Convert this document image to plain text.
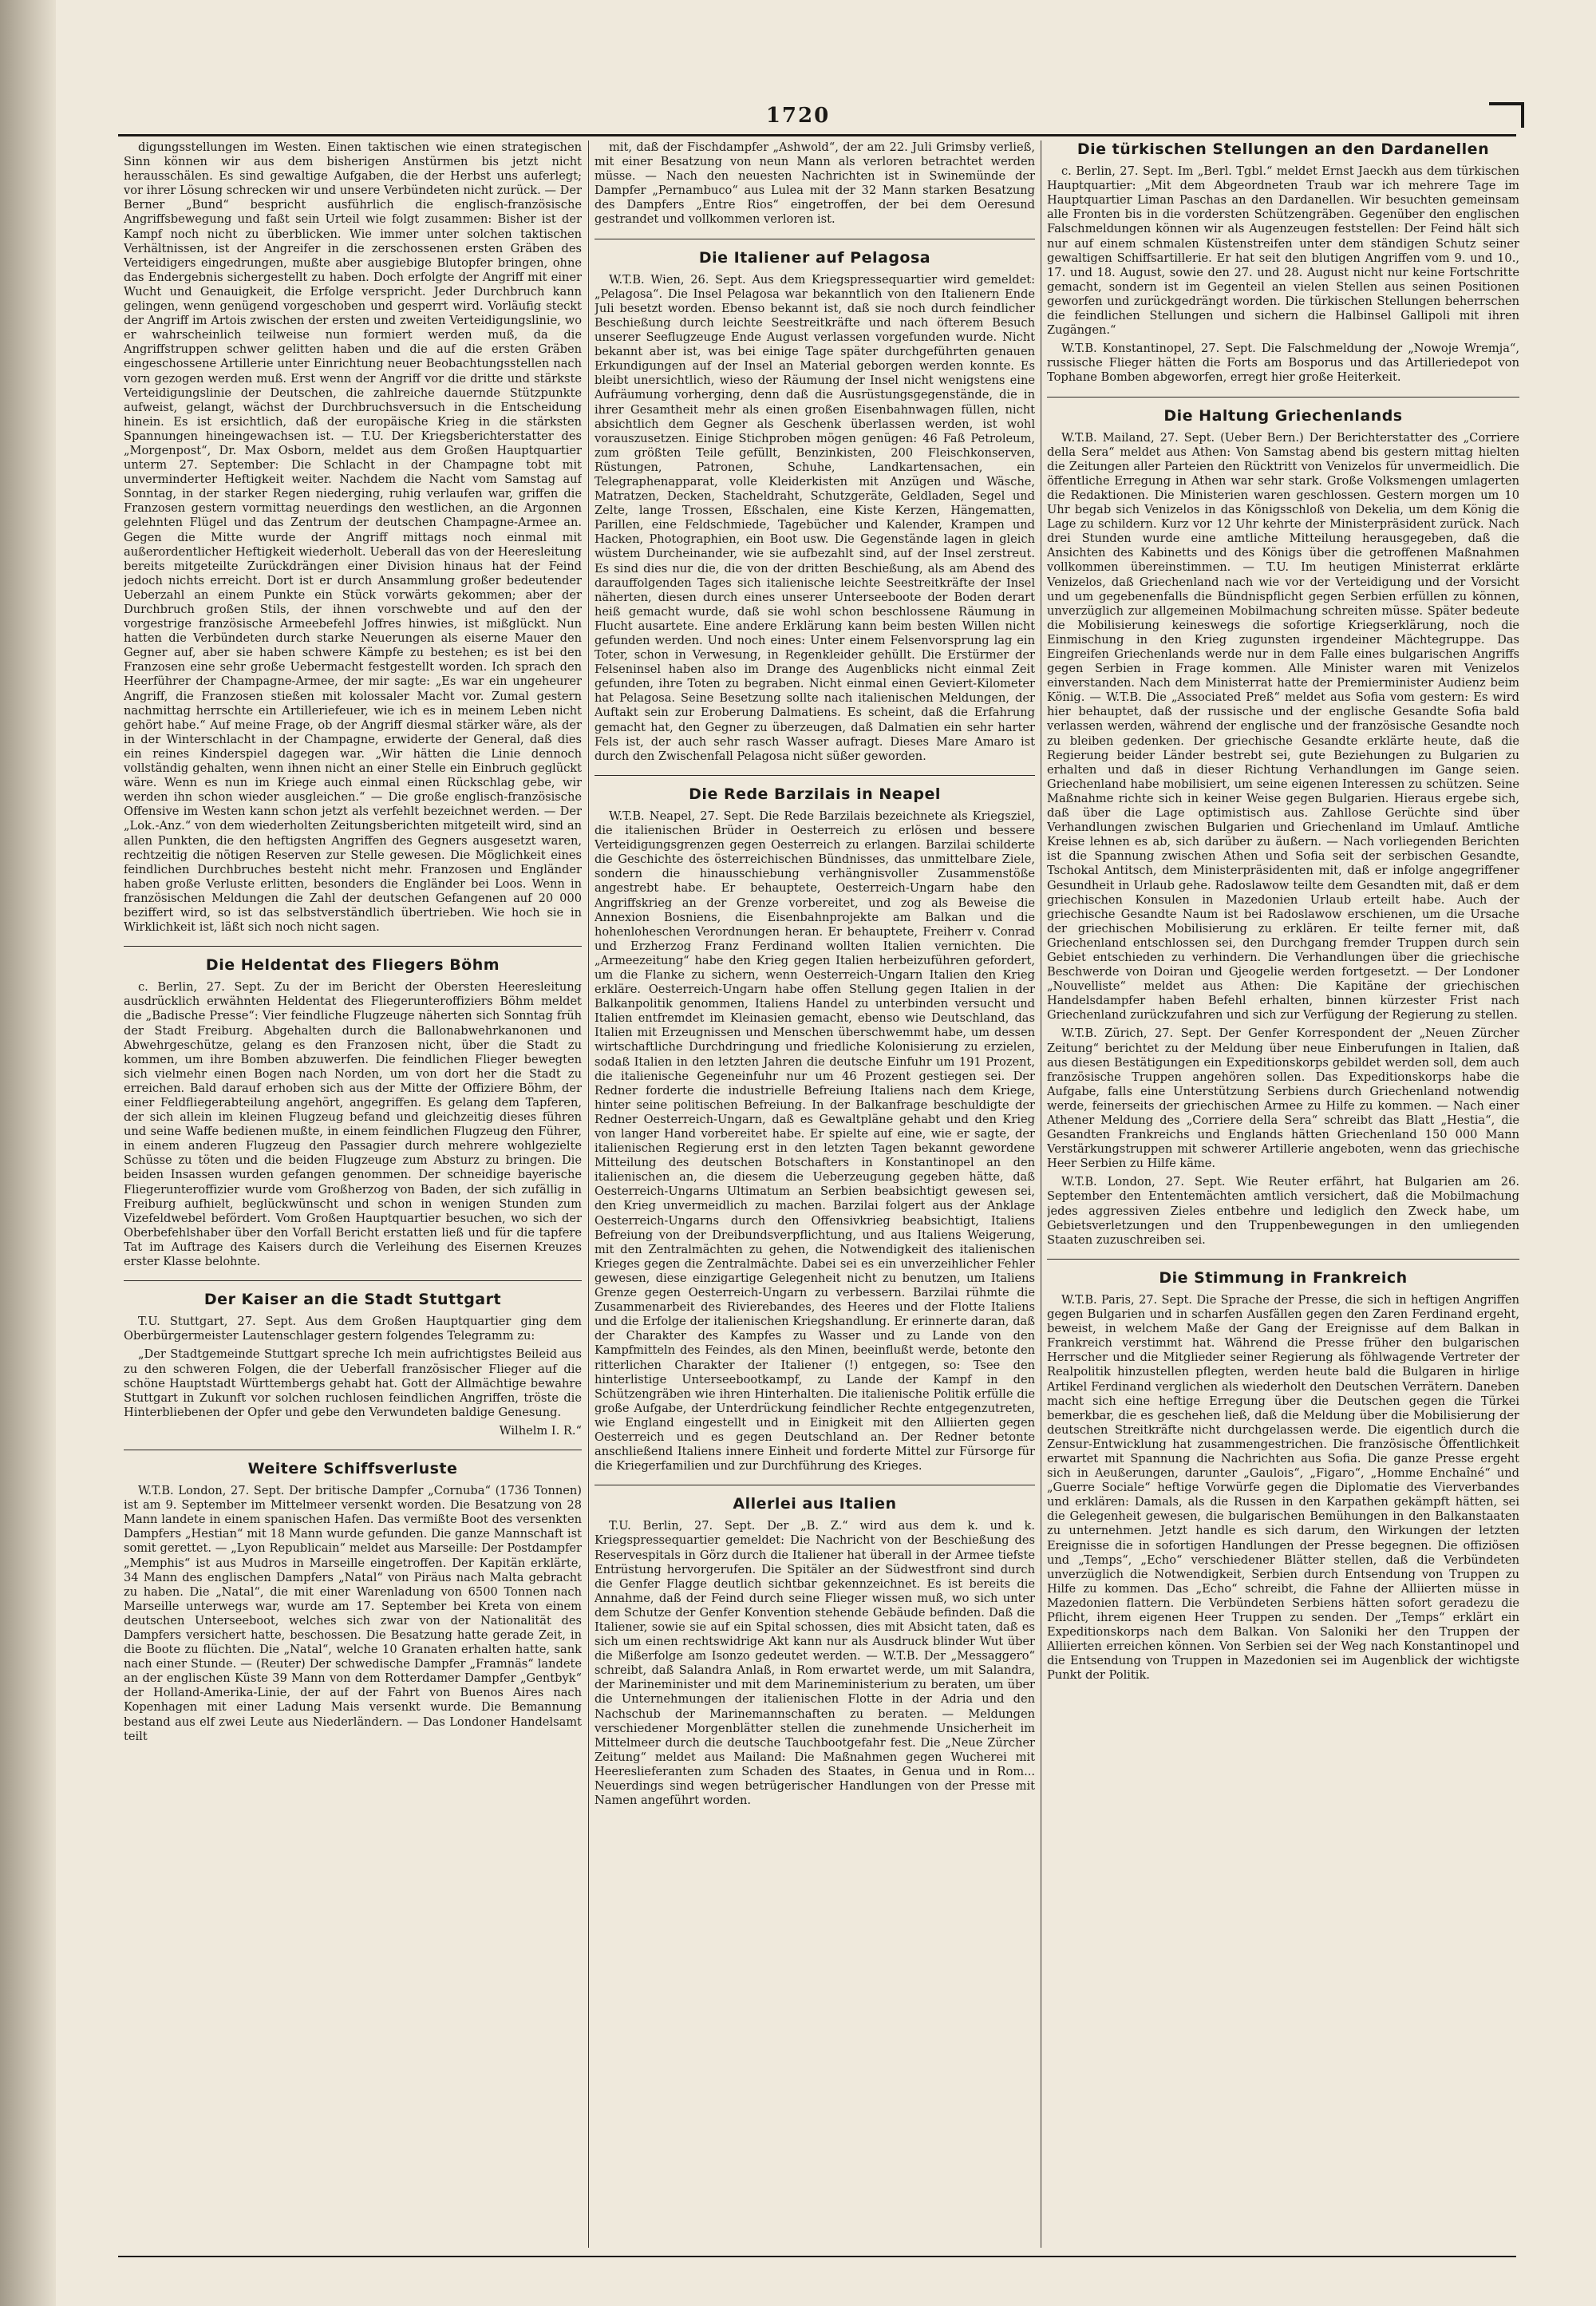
1720

digungsstellungen im Westen. Einen taktischen wie einen strategischen Sinn können wir aus dem bisherigen Anstürmen bis jetzt nicht herausschälen. Es sind gewaltige Aufgaben, die der Herbst uns auferlegt; vor ihrer Lösung schrecken wir und unsere Verbündeten nicht zurück. — Der Berner „Bund“ bespricht ausführlich die englisch-französische Angriffsbewegung und faßt sein Urteil wie folgt zusammen: Bisher ist der Kampf noch nicht zu überblicken. Wie immer unter solchen taktischen Verhältnissen, ist der Angreifer in die zerschossenen ersten Gräben des Verteidigers eingedrungen, mußte aber ausgiebige Blutopfer bringen, ohne das Endergebnis sichergestellt zu haben. Doch erfolgte der Angriff mit einer Wucht und Genauigkeit, die Erfolge verspricht. Jeder Durchbruch kann gelingen, wenn genügend vorgeschoben und gesperrt wird. Vorläufig steckt der Angriff im Artois zwischen der ersten und zweiten Verteidigungslinie, wo er wahrscheinlich teilweise nun formiert werden muß, da die Angriffstruppen schwer gelitten haben und die auf die ersten Gräben eingeschossene Artillerie unter Einrichtung neuer Beobachtungsstellen nach vorn gezogen werden muß. Erst wenn der Angriff vor die dritte und stärkste Verteidigungslinie der Deutschen, die zahlreiche dauernde Stützpunkte aufweist, gelangt, wächst der Durchbruchsversuch in die Entscheidung hinein. Es ist ersichtlich, daß der europäische Krieg in die stärksten Spannungen hineingewachsen ist. — T.U. Der Kriegsberichterstatter des „Morgenpost“, Dr. Max Osborn, meldet aus dem Großen Hauptquartier unterm 27. September: Die Schlacht in der Champagne tobt mit unverminderter Heftigkeit weiter. Nachdem die Nacht vom Samstag auf Sonntag, in der starker Regen niederging, ruhig verlaufen war, griffen die Franzosen gestern vormittag neuerdings den westlichen, an die Argonnen gelehnten Flügel und das Zentrum der deutschen Champagne-Armee an. Gegen die Mitte wurde der Angriff mittags noch einmal mit außerordentlicher Heftigkeit wiederholt. Ueberall das von der Heeresleitung bereits mitgeteilte Zurückdrängen einer Division hinaus hat der Feind jedoch nichts erreicht. Dort ist er durch Ansammlung großer bedeutender Ueberzahl an einem Punkte ein Stück vorwärts gekommen; aber der Durchbruch großen Stils, der ihnen vorschwebte und auf den der vorgestrige französische Armeebefehl Joffres hinwies, ist mißglückt. Nun hatten die Verbündeten durch starke Neuerungen als eiserne Mauer den Gegner auf, aber sie haben schwere Kämpfe zu bestehen; es ist bei den Franzosen eine sehr große Uebermacht festgestellt worden. Ich sprach den Heerführer der Champagne-Armee, der mir sagte: „Es war ein ungeheurer Angriff, die Franzosen stießen mit kolossaler Macht vor. Zumal gestern nachmittag herrschte ein Artilleriefeuer, wie ich es in meinem Leben nicht gehört habe.“ Auf meine Frage, ob der Angriff diesmal stärker wäre, als der in der Winterschlacht in der Champagne, erwiderte der General, daß dies ein reines Kinderspiel dagegen war. „Wir hätten die Linie dennoch vollständig gehalten, wenn ihnen nicht an einer Stelle ein Einbruch geglückt wäre. Wenn es nun im Kriege auch einmal einen Rückschlag gebe, wir werden ihn schon wieder ausgleichen.“ — Die große englisch-französische Offensive im Westen kann schon jetzt als verfehlt bezeichnet werden. — Der „Lok.-Anz.“ von dem wiederholten Zeitungsberichten mitgeteilt wird, sind an allen Punkten, die den heftigsten Angriffen des Gegners ausgesetzt waren, rechtzeitig die nötigen Reserven zur Stelle gewesen. Die Möglichkeit eines feindlichen Durchbruches besteht nicht mehr. Franzosen und Engländer haben große Verluste erlitten, besonders die Engländer bei Loos. Wenn in französischen Meldungen die Zahl der deutschen Gefangenen auf 20 000 beziffert wird, so ist das selbstverständlich übertrieben. Wie hoch sie in Wirklichkeit ist, läßt sich noch nicht sagen.

Die Heldentat des Fliegers Böhm

c. Berlin, 27. Sept. Zu der im Bericht der Obersten Heeresleitung ausdrücklich erwähnten Heldentat des Fliegerunteroffiziers Böhm meldet die „Badische Presse“: Vier feindliche Flugzeuge näherten sich Sonntag früh der Stadt Freiburg. Abgehalten durch die Ballonabwehrkanonen und Abwehrgeschütze, gelang es den Franzosen nicht, über die Stadt zu kommen, um ihre Bomben abzuwerfen. Die feindlichen Flieger bewegten sich vielmehr einen Bogen nach Norden, um von dort her die Stadt zu erreichen. Bald darauf erhoben sich aus der Mitte der Offiziere Böhm, der einer Feldfliegerabteilung angehört, angegriffen. Es gelang dem Tapferen, der sich allein im kleinen Flugzeug befand und gleichzeitig dieses führen und seine Waffe bedienen mußte, in einem feindlichen Flugzeug den Führer, in einem anderen Flugzeug den Passagier durch mehrere wohlgezielte Schüsse zu töten und die beiden Flugzeuge zum Absturz zu bringen. Die beiden Insassen wurden gefangen genommen. Der schneidige bayerische Fliegerunteroffizier wurde vom Großherzog von Baden, der sich zufällig in Freiburg aufhielt, beglückwünscht und schon in wenigen Stunden zum Vizefeldwebel befördert. Vom Großen Hauptquartier besuchen, wo sich der Oberbefehlshaber über den Vorfall Bericht erstatten ließ und für die tapfere Tat im Auftrage des Kaisers durch die Verleihung des Eisernen Kreuzes erster Klasse belohnte.

Der Kaiser an die Stadt Stuttgart

T.U. Stuttgart, 27. Sept. Aus dem Großen Hauptquartier ging dem Oberbürgermeister Lautenschlager gestern folgendes Telegramm zu:

„Der Stadtgemeinde Stuttgart spreche Ich mein aufrichtigstes Beileid aus zu den schweren Folgen, die der Ueberfall französischer Flieger auf die schöne Hauptstadt Württembergs gehabt hat. Gott der Allmächtige bewahre Stuttgart in Zukunft vor solchen ruchlosen feindlichen Angriffen, tröste die Hinterbliebenen der Opfer und gebe den Verwundeten baldige Genesung.

Wilhelm I. R.“

Weitere Schiffsverluste

W.T.B. London, 27. Sept. Der britische Dampfer „Cornuba“ (1736 Tonnen) ist am 9. September im Mittelmeer versenkt worden. Die Besatzung von 28 Mann landete in einem spanischen Hafen. Das vermißte Boot des versenkten Dampfers „Hestian“ mit 18 Mann wurde gefunden. Die ganze Mannschaft ist somit gerettet. — „Lyon Republicain“ meldet aus Marseille: Der Postdampfer „Memphis“ ist aus Mudros in Marseille eingetroffen. Der Kapitän erklärte, 34 Mann des englischen Dampfers „Natal“ von Piräus nach Malta gebracht zu haben. Die „Natal“, die mit einer Warenladung von 6500 Tonnen nach Marseille unterwegs war, wurde am 17. September bei Kreta von einem deutschen Unterseeboot, welches sich zwar von der Nationalität des Dampfers versichert hatte, beschossen. Die Besatzung hatte gerade Zeit, in die Boote zu flüchten. Die „Natal“, welche 10 Granaten erhalten hatte, sank nach einer Stunde. — (Reuter) Der schwedische Dampfer „Framnäs“ landete an der englischen Küste 39 Mann von dem Rotterdamer Dampfer „Gentbyk“ der Holland-Amerika-Linie, der auf der Fahrt von Buenos Aires nach Kopenhagen mit einer Ladung Mais versenkt wurde. Die Bemannung bestand aus elf zwei Leute aus Niederländern. — Das Londoner Handelsamt teilt

mit, daß der Fischdampfer „Ashwold“, der am 22. Juli Grimsby verließ, mit einer Besatzung von neun Mann als verloren betrachtet werden müsse. — Nach den neuesten Nachrichten ist in Swinemünde der Dampfer „Pernambuco“ aus Lulea mit der 32 Mann starken Besatzung des Dampfers „Entre Rios“ eingetroffen, der bei dem Oeresund gestrandet und vollkommen verloren ist.

Die Italiener auf Pelagosa

W.T.B. Wien, 26. Sept. Aus dem Kriegspressequartier wird gemeldet: „Pelagosa“. Die Insel Pelagosa war bekanntlich von den Italienern Ende Juli besetzt worden. Ebenso bekannt ist, daß sie noch durch feindlicher Beschießung durch leichte Seestreitkräfte und nach öfterem Besuch unserer Seeflugzeuge Ende August verlassen vorgefunden wurde. Nicht bekannt aber ist, was bei einige Tage später durchgeführten genauen Erkundigungen auf der Insel an Material geborgen werden konnte. Es bleibt unersichtlich, wieso der Räumung der Insel nicht wenigstens eine Aufräumung vorherging, denn daß die Ausrüstungsgegenstände, die in ihrer Gesamtheit mehr als einen großen Eisenbahnwagen füllen, nicht absichtlich dem Gegner als Geschenk überlassen werden, ist wohl vorauszusetzen. Einige Stichproben mögen genügen: 46 Faß Petroleum, zum größten Teile gefüllt, Benzinkisten, 200 Fleischkonserven, Rüstungen, Patronen, Schuhe, Landkartensachen, ein Telegraphenapparat, volle Kleiderkisten mit Anzügen und Wäsche, Matratzen, Decken, Stacheldraht, Schutzgeräte, Geldladen, Segel und Zelte, lange Trossen, Eßschalen, eine Kiste Kerzen, Hängematten, Parillen, eine Feldschmiede, Tagebücher und Kalender, Krampen und Hacken, Photographien, ein Boot usw. Die Gegenstände lagen in gleich wüstem Durcheinander, wie sie aufbezahlt sind, auf der Insel zerstreut. Es sind dies nur die, die von der dritten Beschießung, als am Abend des darauffolgenden Tages sich italienische leichte Seestreitkräfte der Insel näherten, diesen durch eines unserer Unterseeboote der Boden derart heiß gemacht wurde, daß sie wohl schon beschlossene Räumung in Flucht ausartete. Eine andere Erklärung kann beim besten Willen nicht gefunden werden. Und noch eines: Unter einem Felsenvorsprung lag ein Toter, schon in Verwesung, in Regenkleider gehüllt. Die Erstürmer der Felseninsel haben also im Drange des Augenblicks nicht einmal Zeit gefunden, ihre Toten zu begraben. Nicht einmal einen Geviert-Kilometer hat Pelagosa. Seine Besetzung sollte nach italienischen Meldungen, der Auftakt sein zur Eroberung Dalmatiens. Es scheint, daß die Erfahrung gemacht hat, den Gegner zu überzeugen, daß Dalmatien ein sehr harter Fels ist, der auch sehr rasch Wasser aufragt. Dieses Mare Amaro ist durch den Zwischenfall Pelagosa nicht süßer geworden.

Die Rede Barzilais in Neapel

W.T.B. Neapel, 27. Sept. Die Rede Barzilais bezeichnete als Kriegsziel, die italienischen Brüder in Oesterreich zu erlösen und bessere Verteidigungsgrenzen gegen Oesterreich zu erlangen. Barzilai schilderte die Geschichte des österreichischen Bündnisses, das unmittelbare Ziele, sondern die hinausschiebung verhängnisvoller Zusammenstöße angestrebt habe. Er behauptete, Oesterreich-Ungarn habe den Angriffskrieg an der Grenze vorbereitet, und zog als Beweise die Annexion Bosniens, die Eisenbahnprojekte am Balkan und die hohenloheschen Verordnungen heran. Er behauptete, Freiherr v. Conrad und Erzherzog Franz Ferdinand wollten Italien vernichten. Die „Armeezeitung“ habe den Krieg gegen Italien herbeizuführen gefordert, um die Flanke zu sichern, wenn Oesterreich-Ungarn Italien den Krieg erkläre. Oesterreich-Ungarn habe offen Stellung gegen Italien in der Balkanpolitik genommen, Italiens Handel zu unterbinden versucht und Italien entfremdet im Kleinasien gemacht, ebenso wie Deutschland, das Italien mit Erzeugnissen und Menschen überschwemmt habe, um dessen wirtschaftliche Durchdringung und friedliche Kolonisierung zu erzielen, sodaß Italien in den letzten Jahren die deutsche Einfuhr um 191 Prozent, die italienische Gegeneinfuhr nur um 46 Prozent gestiegen sei. Der Redner forderte die industrielle Befreiung Italiens nach dem Kriege, hinter seine politischen Befreiung. In der Balkanfrage beschuldigte der Redner Oesterreich-Ungarn, daß es Gewaltpläne gehabt und den Krieg von langer Hand vorbereitet habe. Er spielte auf eine, wie er sagte, der italienischen Regierung erst in den letzten Tagen bekannt gewordene Mitteilung des deutschen Botschafters in Konstantinopel an den italienischen an, die diesem die Ueberzeugung gegeben hätte, daß Oesterreich-Ungarns Ultimatum an Serbien beabsichtigt gewesen sei, den Krieg unvermeidlich zu machen. Barzilai folgert aus der Anklage Oesterreich-Ungarns durch den Offensivkrieg beabsichtigt, Italiens Befreiung von der Dreibundsverpflichtung, und aus Italiens Weigerung, mit den Zentralmächten zu gehen, die Notwendigkeit des italienischen Krieges gegen die Zentralmächte. Dabei sei es ein unverzeihlicher Fehler gewesen, diese einzigartige Gelegenheit nicht zu benutzen, um Italiens Grenze gegen Oesterreich-Ungarn zu verbessern. Barzilai rühmte die Zusammenarbeit des Rivierebandes, des Heeres und der Flotte Italiens und die Erfolge der italienischen Kriegshandlung. Er erinnerte daran, daß der Charakter des Kampfes zu Wasser und zu Lande von den Kampfmitteln des Feindes, als den Minen, beeinflußt werde, betonte den ritterlichen Charakter der Italiener (!) entgegen, so: Tsee den hinterlistige Unterseebootkampf, zu Lande der Kampf in den Schützengräben wie ihren Hinterhalten. Die italienische Politik erfülle die große Aufgabe, der Unterdrückung feindlicher Rechte entgegenzutreten, wie England eingestellt und in Einigkeit mit den Alliierten gegen Oesterreich und es gegen Deutschland an. Der Redner betonte anschließend Italiens innere Einheit und forderte Mittel zur Fürsorge für die Kriegerfamilien und zur Durchführung des Krieges.

Allerlei aus Italien

T.U. Berlin, 27. Sept. Der „B. Z.“ wird aus dem k. und k. Kriegspressequartier gemeldet: Die Nachricht von der Beschießung des Reservespitals in Görz durch die Italiener hat überall in der Armee tiefste Entrüstung hervorgerufen. Die Spitäler an der Südwestfront sind durch die Genfer Flagge deutlich sichtbar gekennzeichnet. Es ist bereits die Annahme, daß der Feind durch seine Flieger wissen muß, wo sich unter dem Schutze der Genfer Konvention stehende Gebäude befinden. Daß die Italiener, sowie sie auf ein Spital schossen, dies mit Absicht taten, daß es sich um einen rechtswidrige Akt kann nur als Ausdruck blinder Wut über die Mißerfolge am Isonzo gedeutet werden. — W.T.B. Der „Messaggero“ schreibt, daß Salandra Anlaß, in Rom erwartet werde, um mit Salandra, der Marineminister und mit dem Marineministerium zu beraten, um über die Unternehmungen der italienischen Flotte in der Adria und den Nachschub der Marinemannschaften zu beraten. — Meldungen verschiedener Morgenblätter stellen die zunehmende Unsicherheit im Mittelmeer durch die deutsche Tauchbootgefahr fest. Die „Neue Zürcher Zeitung“ meldet aus Mailand: Die Maßnahmen gegen Wucherei mit Heereslieferanten zum Schaden des Staates, in Genua und in Rom... Neuerdings sind wegen betrügerischer Handlungen von der Presse mit Namen angeführt worden.

Die türkischen Stellungen an den Dardanellen

c. Berlin, 27. Sept. Im „Berl. Tgbl.“ meldet Ernst Jaeckh aus dem türkischen Hauptquartier: „Mit dem Abgeordneten Traub war ich mehrere Tage im Hauptquartier Liman Paschas an den Dardanellen. Wir besuchten gemeinsam alle Fronten bis in die vordersten Schützengräben. Gegenüber den englischen Falschmeldungen können wir als Augenzeugen feststellen: Der Feind hält sich nur auf einem schmalen Küstenstreifen unter dem ständigen Schutz seiner gewaltigen Schiffsartillerie. Er hat seit den blutigen Angriffen vom 9. und 10., 17. und 18. August, sowie den 27. und 28. August nicht nur keine Fortschritte gemacht, sondern ist im Gegenteil an vielen Stellen aus seinen Positionen geworfen und zurückgedrängt worden. Die türkischen Stellungen beherrschen die feindlichen Stellungen und sichern die Halbinsel Gallipoli mit ihren Zugängen.“

W.T.B. Konstantinopel, 27. Sept. Die Falschmeldung der „Nowoje Wremja“, russische Flieger hätten die Forts am Bosporus und das Artilleriedepot von Tophane Bomben abgeworfen, erregt hier große Heiterkeit.

Die Haltung Griechenlands

W.T.B. Mailand, 27. Sept. (Ueber Bern.) Der Berichterstatter des „Corriere della Sera“ meldet aus Athen: Von Samstag abend bis gestern mittag hielten die Zeitungen aller Parteien den Rücktritt von Venizelos für unvermeidlich. Die öffentliche Erregung in Athen war sehr stark. Große Volksmengen umlagerten die Redaktionen. Die Ministerien waren geschlossen. Gestern morgen um 10 Uhr begab sich Venizelos in das Königsschloß von Dekelia, um dem König die Lage zu schildern. Kurz vor 12 Uhr kehrte der Ministerpräsident zurück. Nach drei Stunden wurde eine amtliche Mitteilung herausgegeben, daß die Ansichten des Kabinetts und des Königs über die getroffenen Maßnahmen vollkommen übereinstimmen. — T.U. Im heutigen Ministerrat erklärte Venizelos, daß Griechenland nach wie vor der Verteidigung und der Vorsicht und um gegebenenfalls die Bündnispflicht gegen Serbien erfüllen zu können, unverzüglich zur allgemeinen Mobilmachung schreiten müsse. Später bedeute die Mobilisierung keineswegs die sofortige Kriegserklärung, noch die Einmischung in den Krieg zugunsten irgendeiner Mächtegruppe. Das Eingreifen Griechenlands werde nur in dem Falle eines bulgarischen Angriffs gegen Serbien in Frage kommen. Alle Minister waren mit Venizelos einverstanden. Nach dem Ministerrat hatte der Premierminister Audienz beim König. — W.T.B. Die „Associated Preß“ meldet aus Sofia vom gestern: Es wird hier behauptet, daß der russische und der englische Gesandte Sofia bald verlassen werden, während der englische und der französische Gesandte noch zu bleiben gedenken. Der griechische Gesandte erklärte heute, daß die Regierung beider Länder bestrebt sei, gute Beziehungen zu Bulgarien zu erhalten und daß in dieser Richtung Verhandlungen im Gange seien. Griechenland habe mobilisiert, um seine eigenen Interessen zu schützen. Seine Maßnahme richte sich in keiner Weise gegen Bulgarien. Hieraus ergebe sich, daß über die Lage optimistisch aus. Zahllose Gerüchte sind über Verhandlungen zwischen Bulgarien und Griechenland im Umlauf. Amtliche Kreise lehnen es ab, sich darüber zu äußern. — Nach vorliegenden Berichten ist die Spannung zwischen Athen und Sofia seit der serbischen Gesandte, Tschokal Antitsch, dem Ministerpräsidenten mit, daß er infolge angegriffener Gesundheit in Urlaub gehe. Radoslawow teilte dem Gesandten mit, daß er dem griechischen Konsulen in Mazedonien Urlaub erteilt habe. Auch der griechische Gesandte Naum ist bei Radoslawow erschienen, um die Ursache der griechischen Mobilisierung zu erklären. Er teilte ferner mit, daß Griechenland entschlossen sei, den Durchgang fremder Truppen durch sein Gebiet entschieden zu verhindern. Die Verhandlungen über die griechische Beschwerde von Doiran und Gjeogelie werden fortgesetzt. — Der Londoner „Nouvelliste“ meldet aus Athen: Die Kapitäne der griechischen Handelsdampfer haben Befehl erhalten, binnen kürzester Frist nach Griechenland zurückzufahren und sich zur Verfügung der Regierung zu stellen.

W.T.B. Zürich, 27. Sept. Der Genfer Korrespondent der „Neuen Zürcher Zeitung“ berichtet zu der Meldung über neue Einberufungen in Italien, daß aus diesen Bestätigungen ein Expeditionskorps gebildet werden soll, dem auch französische Truppen angehören sollen. Das Expeditionskorps habe die Aufgabe, falls eine Unterstützung Serbiens durch Griechenland notwendig werde, feinerseits der griechischen Armee zu Hilfe zu kommen. — Nach einer Athener Meldung des „Corriere della Sera“ schreibt das Blatt „Hestia“, die Gesandten Frankreichs und Englands hätten Griechenland 150 000 Mann Verstärkungstruppen mit schwerer Artillerie angeboten, wenn das griechische Heer Serbien zu Hilfe käme.

W.T.B. London, 27. Sept. Wie Reuter erfährt, hat Bulgarien am 26. September den Ententemächten amtlich versichert, daß die Mobilmachung jedes aggressiven Zieles entbehre und lediglich den Zweck habe, um Gebietsverletzungen und den Truppenbewegungen in den umliegenden Staaten zuzuschreiben sei.

Die Stimmung in Frankreich

W.T.B. Paris, 27. Sept. Die Sprache der Presse, die sich in heftigen Angriffen gegen Bulgarien und in scharfen Ausfällen gegen den Zaren Ferdinand ergeht, beweist, in welchem Maße der Gang der Ereignisse auf dem Balkan in Frankreich verstimmt hat. Während die Presse früher den bulgarischen Herrscher und die Mitglieder seiner Regierung als föhlwagende Vertreter der Realpolitik hinzustellen pflegten, werden heute bald die Bulgaren in hirlige Artikel Ferdinand verglichen als wiederholt den Deutschen Verrätern. Daneben macht sich eine heftige Erregung über die Deutschen gegen die Türkei bemerkbar, die es geschehen ließ, daß die Meldung über die Mobilisierung der deutschen Streitkräfte nicht durchgelassen werde. Die eigentlich durch die Zensur-Entwicklung hat zusammengestrichen. Die französische Öffentlichkeit erwartet mit Spannung die Nachrichten aus Sofia. Die ganze Presse ergeht sich in Aeußerungen, darunter „Gaulois“, „Figaro“, „Homme Enchaîné“ und „Guerre Sociale“ heftige Vorwürfe gegen die Diplomatie des Vierverbandes und erklären: Damals, als die Russen in den Karpathen gekämpft hätten, sei die Gelegenheit gewesen, die bulgarischen Bemühungen in den Balkanstaaten zu unternehmen. Jetzt handle es sich darum, den Wirkungen der letzten Ereignisse die in sofortigen Handlungen der Presse begegnen. Die offiziösen und „Temps“, „Echo“ verschiedener Blätter stellen, daß die Verbündeten unverzüglich die Notwendigkeit, Serbien durch Entsendung von Truppen zu Hilfe zu kommen. Das „Echo“ schreibt, die Fahne der Alliierten müsse in Mazedonien flattern. Die Verbündeten Serbiens hätten sofort geradezu die Pflicht, ihrem eigenen Heer Truppen zu senden. Der „Temps“ erklärt ein Expeditionskorps nach dem Balkan. Von Saloniki her den Truppen der Alliierten erreichen können. Von Serbien sei der Weg nach Konstantinopel und die Entsendung von Truppen in Mazedonien sei im Augenblick der wichtigste Punkt der Politik.
